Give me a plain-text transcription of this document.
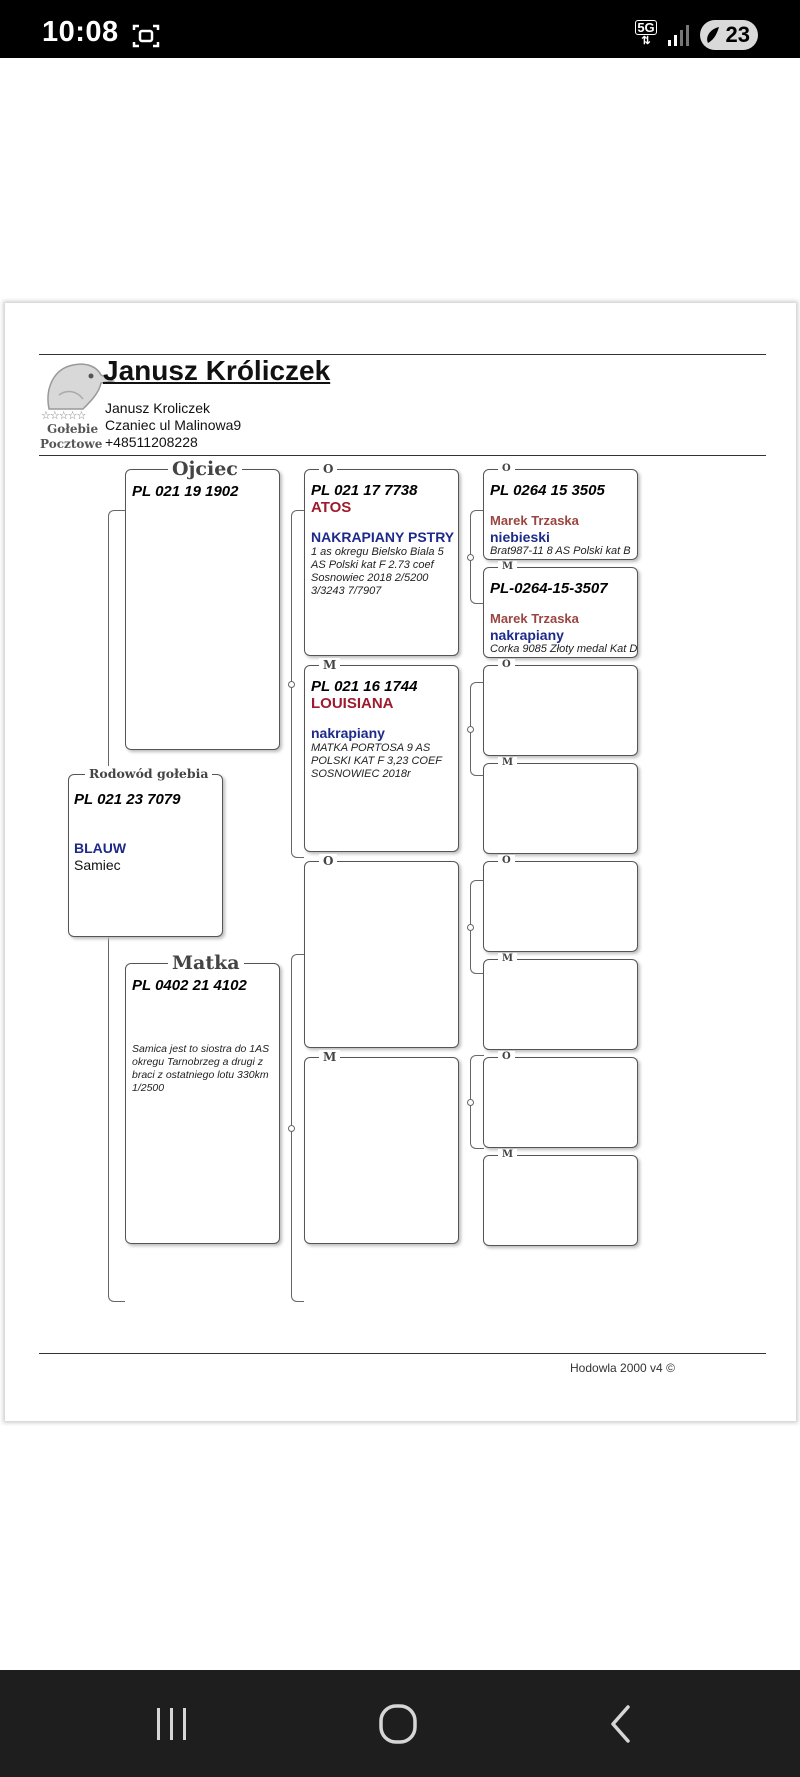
10:08	5G
⇅	23
☆☆☆☆☆
Gołebie
Pocztowe
Janusz Króliczek
Janusz Kroliczek
Czaniec ul Malinowa9
+48511208228
Ojciec
PL 021 19 1902
Rodowód gołebia
PL 021 23 7079
BLAUW
Samiec
Matka
PL 0402 21 4102
Samica jest to siostra do 1AS okregu Tarnobrzeg a drugi z braci z ostatniego lotu 330km 1/2500
O
PL 021 17 7738
ATOS
NAKRAPIANY PSTRY
1 as okregu Bielsko Biala 5 AS Polski kat F 2.73 coef Sosnowiec 2018 2/5200 3/3243 7/7907
M
PL 021 16 1744
LOUISIANA
nakrapiany
MATKA PORTOSA 9 AS POLSKI KAT F 3,23 COEF SOSNOWIEC 2018r
O
M
O
PL 0264 15 3505
Marek Trzaska
niebieski
Brat987-11 8 AS Polski kat B
M
PL-0264-15-3507
Marek Trzaska
nakrapiany
Corka 9085 Złoty medal Kat D
O
M
O
M
O
M
Hodowla 2000 v4 ©
